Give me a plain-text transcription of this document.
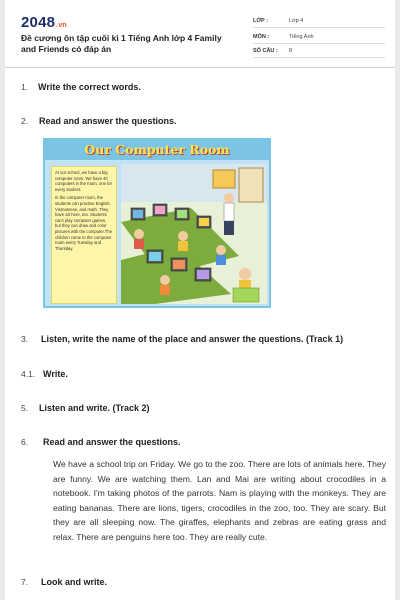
2048.vn
Đề cương ôn tập cuối kì 1 Tiếng Anh lớp 4 Family and Friends có đáp án
LỚP :	Lớp 4
MÔN :	Tiếng Anh
SỐ CÂU : 8
1. Write the correct words.
2. Read and answer the questions.
Our Computer Room

At our school, we have a big computer room. We have 40 computers in the room, one for every student.

In the computer room, the students can practise English, Vietnamese, and math. They have art here, too. Students can't play computer games, but they can draw and color pictures with the computer.The children come to the computer room every Tuesday and Thursday.

3. Listen, write the name of the place and answer the questions. (Track 1)
4.1. Write.
5. Listen and write. (Track 2)
6. Read and answer the questions.

We have a school trip on Friday. We go to the zoo. There are lots of animals here. They are funny. We are watching them. Lan and Mai are writing about crocodiles in a notebook. I'm taking photos of the parrots. Nam is playing with the monkeys. They are eating bananas. There are lions, tigers, crocodiles in the zoo, too. They are scary. But they are all sleeping now. The giraffes, elephants and zebras are eating grass and relax. There are penguins here too. They are really cute.

7. Look and write.
